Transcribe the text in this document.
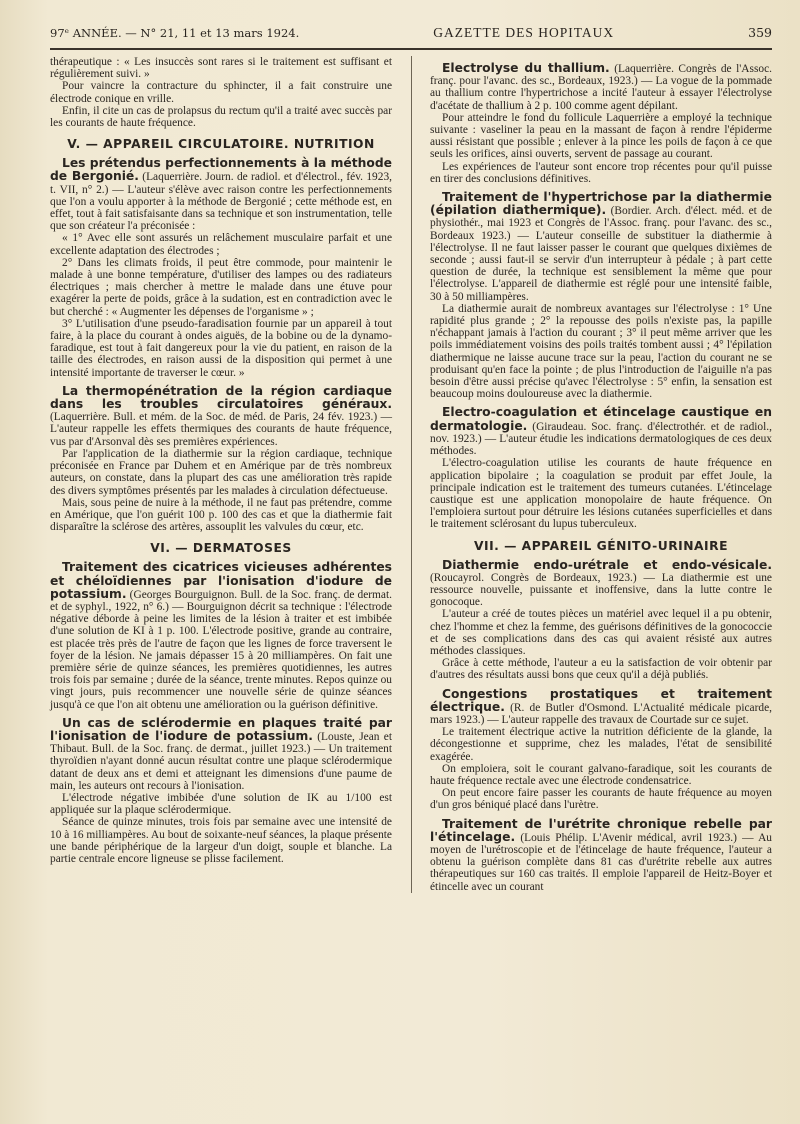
97ᵉ ANNÉE. — N° 21, 11 et 13 mars 1924.	GAZETTE DES HOPITAUX	359

thérapeutique : « Les insuccès sont rares si le traitement est suffisant et régulièrement suivi. »

Pour vaincre la contracture du sphincter, il a fait construire une électrode conique en vrille.

Enfin, il cite un cas de prolapsus du rectum qu'il a traité avec succès par les courants de haute fréquence.

V. — APPAREIL CIRCULATOIRE. NUTRITION

Les prétendus perfectionnements à la méthode de Bergonié. (Laquerrière. Journ. de radiol. et d'électrol., fév. 1923, t. VII, n° 2.) — L'auteur s'élève avec raison contre les perfectionnements que l'on a voulu apporter à la méthode de Bergonié ; cette méthode est, en effet, tout à fait satisfaisante dans sa technique et son instrumentation, telle que son créateur l'a préconisée :

« 1° Avec elle sont assurés un relâchement musculaire parfait et une excellente adaptation des électrodes ;

2° Dans les climats froids, il peut être commode, pour maintenir le malade à une bonne température, d'utiliser des lampes ou des radiateurs électriques ; mais chercher à mettre le malade dans une étuve pour exagérer la perte de poids, grâce à la sudation, est en contradiction avec le but cherché : « Augmenter les dépenses de l'organisme » ;

3° L'utilisation d'une pseudo-faradisation fournie par un appareil à tout faire, à la place du courant à ondes aiguës, de la bobine ou de la dynamo-faradique, est tout à fait dangereux pour la vie du patient, en raison de la taille des électrodes, en raison aussi de la disposition qui permet à une intensité importante de traverser le cœur. »

La thermopénétration de la région cardiaque dans les troubles circulatoires généraux. (Laquerrière. Bull. et mém. de la Soc. de méd. de Paris, 24 fév. 1923.) — L'auteur rappelle les effets thermiques des courants de haute fréquence, vus par d'Arsonval dès ses premières expériences.

Par l'application de la diathermie sur la région cardiaque, technique préconisée en France par Duhem et en Amérique par de très nombreux auteurs, on constate, dans la plupart des cas une amélioration très rapide des divers symptômes présentés par les malades à circulation défectueuse.

Mais, sous peine de nuire à la méthode, il ne faut pas prétendre, comme en Amérique, que l'on guérit 100 p. 100 des cas et que la diathermie fait disparaître la sclérose des artères, assouplit les valvules du cœur, etc.

VI. — DERMATOSES

Traitement des cicatrices vicieuses adhérentes et chéloïdiennes par l'ionisation d'iodure de potassium. (Georges Bourguignon. Bull. de la Soc. franç. de dermat. et de syphyl., 1922, n° 6.) — Bourguignon décrit sa technique : l'électrode négative déborde à peine les limites de la lésion à traiter et est imbibée d'une solution de KI à 1 p. 100. L'électrode positive, grande au contraire, est placée très près de l'autre de façon que les lignes de force traversent le foyer de la lésion. Ne jamais dépasser 15 à 20 milliampères. On fait une première série de quinze séances, les premières quotidiennes, les autres trois fois par semaine ; durée de la séance, trente minutes. Repos quinze ou vingt jours, puis recommencer une nouvelle série de quinze séances jusqu'à ce que l'on ait obtenu une amélioration ou la guérison définitive.

Un cas de sclérodermie en plaques traité par l'ionisation de l'iodure de potassium. (Louste, Jean et Thibaut. Bull. de la Soc. franç. de dermat., juillet 1923.) — Un traitement thyroïdien n'ayant donné aucun résultat contre une plaque sclérodermique datant de deux ans et demi et atteignant les dimensions d'une paume de main, les auteurs ont recours à l'ionisation.

L'électrode négative imbibée d'une solution de IK au 1/100 est appliquée sur la plaque sclérodermique.

Séance de quinze minutes, trois fois par semaine avec une intensité de 10 à 16 milliampères. Au bout de soixante-neuf séances, la plaque présente une bande périphérique de la largeur d'un doigt, souple et blanche. La partie centrale encore ligneuse se plisse facilement.

Electrolyse du thallium. (Laquerrière. Congrès de l'Assoc. franç. pour l'avanc. des sc., Bordeaux, 1923.) — La vogue de la pommade au thallium contre l'hypertrichose a incité l'auteur à essayer l'électrolyse d'acétate de thallium à 2 p. 100 comme agent dépilant.

Pour atteindre le fond du follicule Laquerrière a employé la technique suivante : vaseliner la peau en la massant de façon à rendre l'épiderme aussi résistant que possible ; enlever à la pince les poils de façon à ce que seuls les orifices, ainsi ouverts, servent de passage au courant.

Les expériences de l'auteur sont encore trop récentes pour qu'il puisse en tirer des conclusions définitives.

Traitement de l'hypertrichose par la diathermie (épilation diathermique). (Bordier. Arch. d'élect. méd. et de physiothér., mai 1923 et Congrès de l'Assoc. franç. pour l'avanc. des sc., Bordeaux 1923.) — L'auteur conseille de substituer la diathermie à l'électrolyse. Il ne faut laisser passer le courant que quelques dixièmes de seconde ; aussi faut-il se servir d'un interrupteur à pédale ; à part cette question de durée, la technique est sensiblement la même que pour l'électrolyse. L'appareil de diathermie est réglé pour une intensité faible, 30 à 50 milliampères.

La diathermie aurait de nombreux avantages sur l'électrolyse : 1° Une rapidité plus grande ; 2° la repousse des poils n'existe pas, la papille n'échappant jamais à l'action du courant ; 3° il peut même arriver que les poils immédiatement voisins des poils traités tombent aussi ; 4° l'épilation diathermique ne laisse aucune trace sur la peau, l'action du courant ne se produisant qu'en face la pointe ; de plus l'introduction de l'aiguille n'a pas besoin d'être aussi précise qu'avec l'électrolyse : 5° enfin, la sensation est beaucoup moins douloureuse avec la diathermie.

Electro-coagulation et étincelage caustique en dermatologie. (Giraudeau. Soc. franç. d'électrothér. et de radiol., nov. 1923.) — L'auteur étudie les indications dermatologiques de ces deux méthodes.

L'électro-coagulation utilise les courants de haute fréquence en application bipolaire ; la coagulation se produit par effet Joule, la principale indication est le traitement des tumeurs cutanées. L'étincelage caustique est une application monopolaire de haute fréquence. On l'emploiera surtout pour détruire les lésions cutanées superficielles et dans le traitement sclérosant du lupus tuberculeux.

VII. — APPAREIL GÉNITO-URINAIRE

Diathermie endo-urétrale et endo-vésicale. (Roucayrol. Congrès de Bordeaux, 1923.) — La diathermie est une ressource nouvelle, puissante et inoffensive, dans la lutte contre le gonocoque.

L'auteur a créé de toutes pièces un matériel avec lequel il a pu obtenir, chez l'homme et chez la femme, des guérisons définitives de la gonococcie et de ses complications dans des cas qui avaient résisté aux autres méthodes classiques.

Grâce à cette méthode, l'auteur a eu la satisfaction de voir obtenir par d'autres des résultats aussi bons que ceux qu'il a déjà publiés.

Congestions prostatiques et traitement électrique. (R. de Butler d'Osmond. L'Actualité médicale picarde, mars 1923.) — L'auteur rappelle des travaux de Courtade sur ce sujet.

Le traitement électrique active la nutrition déficiente de la glande, la décongestionne et supprime, chez les malades, l'état de sensibilité exagérée.

On emploiera, soit le courant galvano-faradique, soit les courants de haute fréquence rectale avec une électrode condensatrice.

On peut encore faire passer les courants de haute fréquence au moyen d'un gros béniqué placé dans l'urètre.

Traitement de l'urétrite chronique rebelle par l'étincelage. (Louis Phélip. L'Avenir médical, avril 1923.) — Au moyen de l'urétroscopie et de l'étincelage de haute fréquence, l'auteur a obtenu la guérison complète dans 81 cas d'urétrite rebelle aux autres thérapeutiques sur 160 cas traités. Il emploie l'appareil de Heitz-Boyer et étincelle avec un courant
